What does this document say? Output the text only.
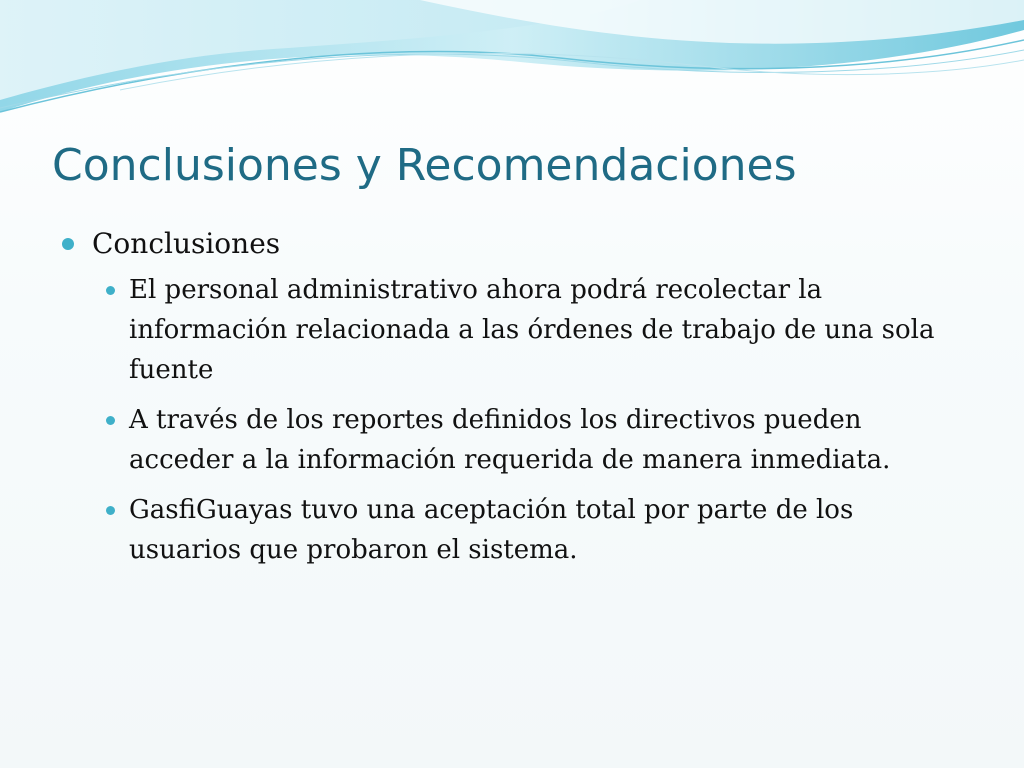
Conclusiones y Recomendaciones
Conclusiones
El personal administrativo ahora podrá recolectar la información relacionada a las órdenes de trabajo de una sola fuente
A través de los reportes definidos los directivos pueden acceder a la información requerida de manera inmediata.
GasfiGuayas tuvo una aceptación total por parte de los usuarios que probaron el sistema.
